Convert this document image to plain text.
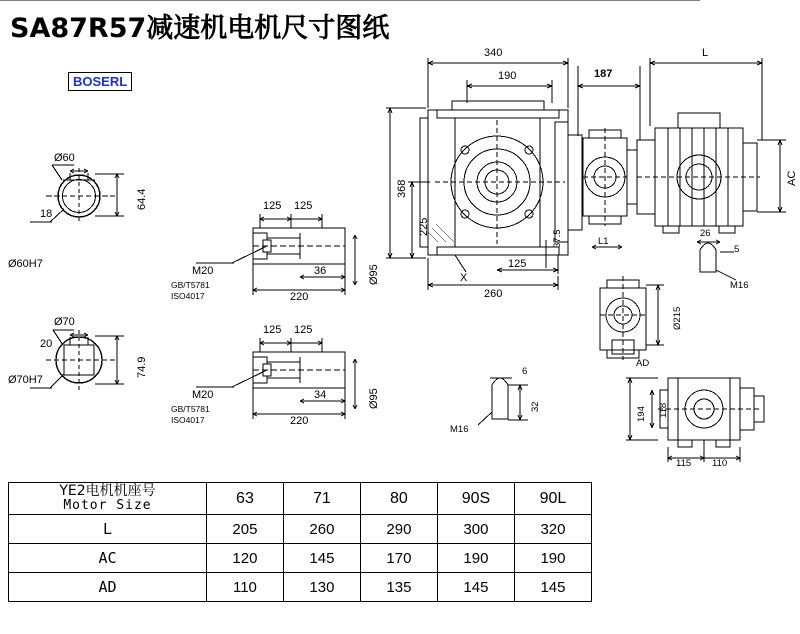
SA87R57减速机电机尺寸图纸
BOSERL
Ø60
18
64.4
Ø60H7
Ø70
20
74.9
Ø70H7
125 125
36
220
Ø95
M20
GB/T5781
ISO4017
125 125
34
220
Ø95
M20
GB/T5781
ISO4017
340
190	187
L
368
225
260
125
37.5
X
AC
L1
Ø215
26
5
M16
AD
6
32
M16
194 118
115 110
YE2电机机座号
Motor Size	63	71	80	90S	90L
L	205	260	290	300	320
AC	120	145	170	190	190
AD	110	130	135	145	145
